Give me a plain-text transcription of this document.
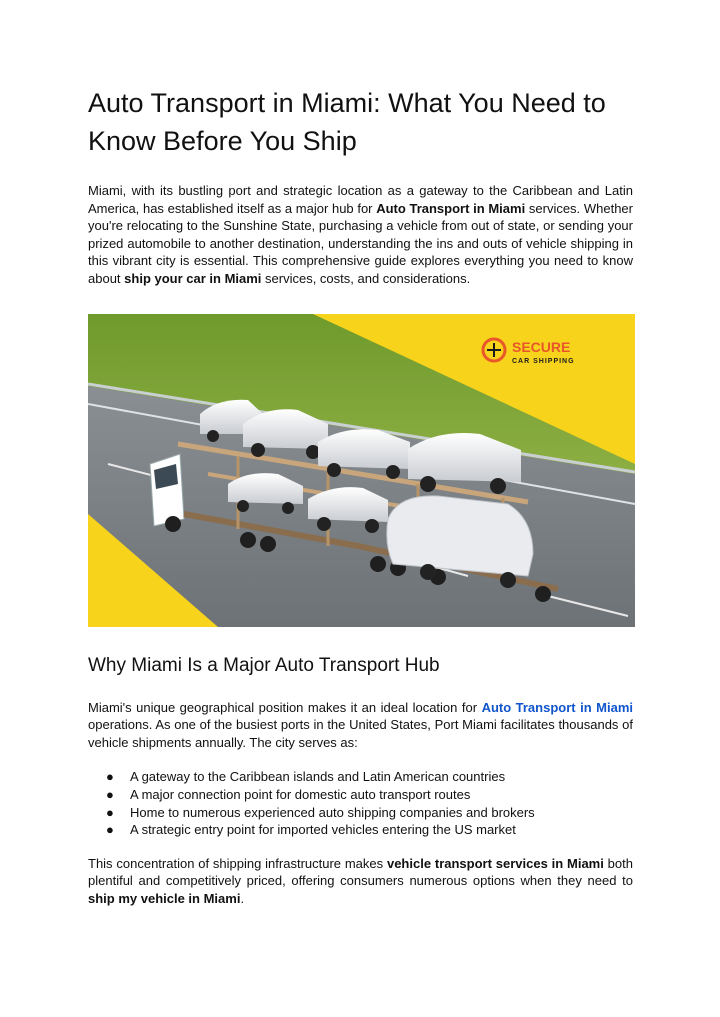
Auto Transport in Miami: What You Need to Know Before You Ship

Miami, with its bustling port and strategic location as a gateway to the Caribbean and Latin America, has established itself as a major hub for Auto Transport in Miami services. Whether you're relocating to the Sunshine State, purchasing a vehicle from out of state, or sending your prized automobile to another destination, understanding the ins and outs of vehicle shipping in this vibrant city is essential. This comprehensive guide explores everything you need to know about ship your car in Miami services, costs, and considerations.

SECURE
CAR SHIPPING
Why Miami Is a Major Auto Transport Hub

Miami's unique geographical position makes it an ideal location for Auto Transport in Miami operations. As one of the busiest ports in the United States, Port Miami facilitates thousands of vehicle shipments annually. The city serves as:

● A gateway to the Caribbean islands and Latin American countries
● A major connection point for domestic auto transport routes
● Home to numerous experienced auto shipping companies and brokers
● A strategic entry point for imported vehicles entering the US market

This concentration of shipping infrastructure makes vehicle transport services in Miami both plentiful and competitively priced, offering consumers numerous options when they need to ship my vehicle in Miami.
